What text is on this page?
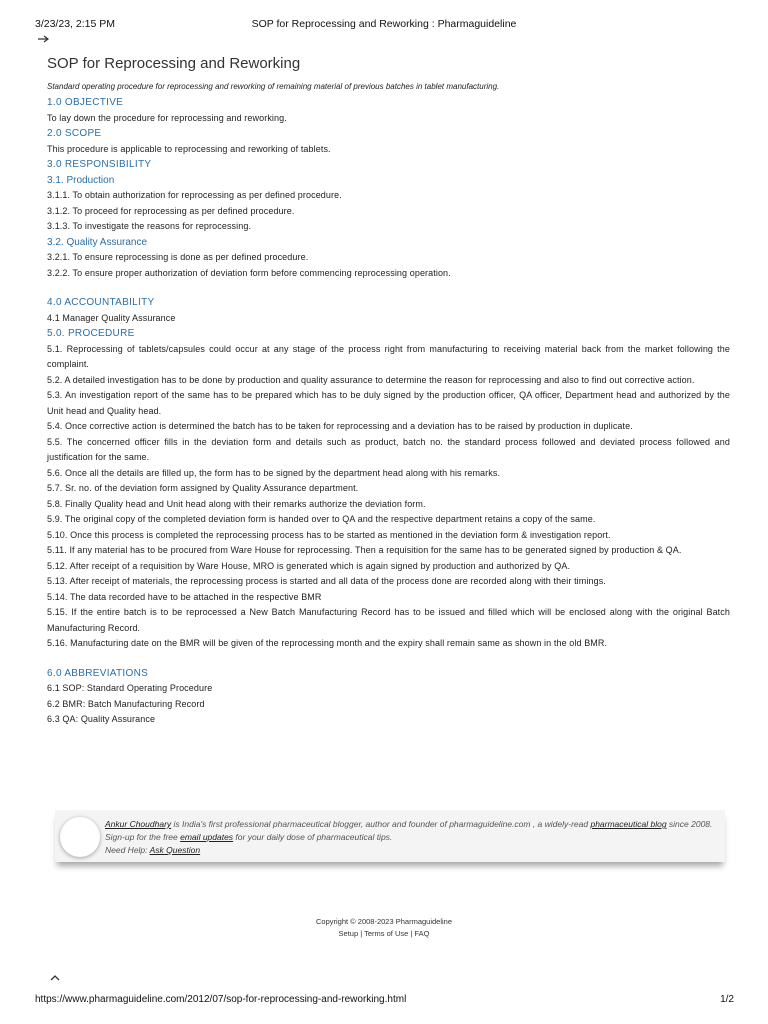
3/23/23, 2:15 PM	SOP for Reprocessing and Reworking : Pharmaguideline
SOP for Reprocessing and Reworking

Standard operating procedure for reprocessing and reworking of remaining material of previous batches in tablet manufacturing.

1.0 OBJECTIVE

To lay down the procedure for reprocessing and reworking.

2.0 SCOPE

This procedure is applicable to reprocessing and reworking of tablets.

3.0 RESPONSIBILITY

3.1. Production

3.1.1. To obtain authorization for reprocessing as per defined procedure.

3.1.2. To proceed for reprocessing as per defined procedure.

3.1.3. To investigate the reasons for reprocessing.

3.2. Quality Assurance

3.2.1. To ensure reprocessing is done as per defined procedure.

3.2.2. To ensure proper authorization of deviation form before commencing reprocessing operation.

4.0 ACCOUNTABILITY

4.1 Manager Quality Assurance

5.0. PROCEDURE

5.1. Reprocessing of tablets/capsules could occur at any stage of the process right from manufacturing to receiving material back from the market following the complaint.

5.2. A detailed investigation has to be done by production and quality assurance to determine the reason for reprocessing and also to find out corrective action.

5.3. An investigation report of the same has to be prepared which has to be duly signed by the production officer, QA officer, Department head and authorized by the Unit head and Quality head.

5.4. Once corrective action is determined the batch has to be taken for reprocessing and a deviation has to be raised by production in duplicate.

5.5. The concerned officer fills in the deviation form and details such as product, batch no. the standard process followed and deviated process followed and justification for the same.

5.6. Once all the details are filled up, the form has to be signed by the department head along with his remarks.

5.7. Sr. no. of the deviation form assigned by Quality Assurance department.

5.8. Finally Quality head and Unit head along with their remarks authorize the deviation form.

5.9. The original copy of the completed deviation form is handed over to QA and the respective department retains a copy of the same.

5.10. Once this process is completed the reprocessing process has to be started as mentioned in the deviation form & investigation report.

5.11. If any material has to be procured from Ware House for reprocessing. Then a requisition for the same has to be generated signed by production & QA.

5.12. After receipt of a requisition by Ware House, MRO is generated which is again signed by production and authorized by QA.

5.13. After receipt of materials, the reprocessing process is started and all data of the process done are recorded along with their timings.

5.14. The data recorded have to be attached in the respective BMR

5.15. If the entire batch is to be reprocessed a New Batch Manufacturing Record has to be issued and filled which will be enclosed along with the original Batch Manufacturing Record.

5.16. Manufacturing date on the BMR will be given of the reprocessing month and the expiry shall remain same as shown in the old BMR.

6.0 ABBREVIATIONS

6.1 SOP: Standard Operating Procedure

6.2 BMR: Batch Manufacturing Record

6.3 QA: Quality Assurance

Ankur Choudhary is India's first professional pharmaceutical blogger, author and founder of pharmaguideline.com , a widely-read pharmaceutical blog since 2008. Sign-up for the free email updates for your daily dose of pharmaceutical tips.
Need Help: Ask Question
Copyright © 2008-2023 Pharmaguideline
Setup | Terms of Use | FAQ
https://www.pharmaguideline.com/2012/07/sop-for-reprocessing-and-reworking.html	1/2
